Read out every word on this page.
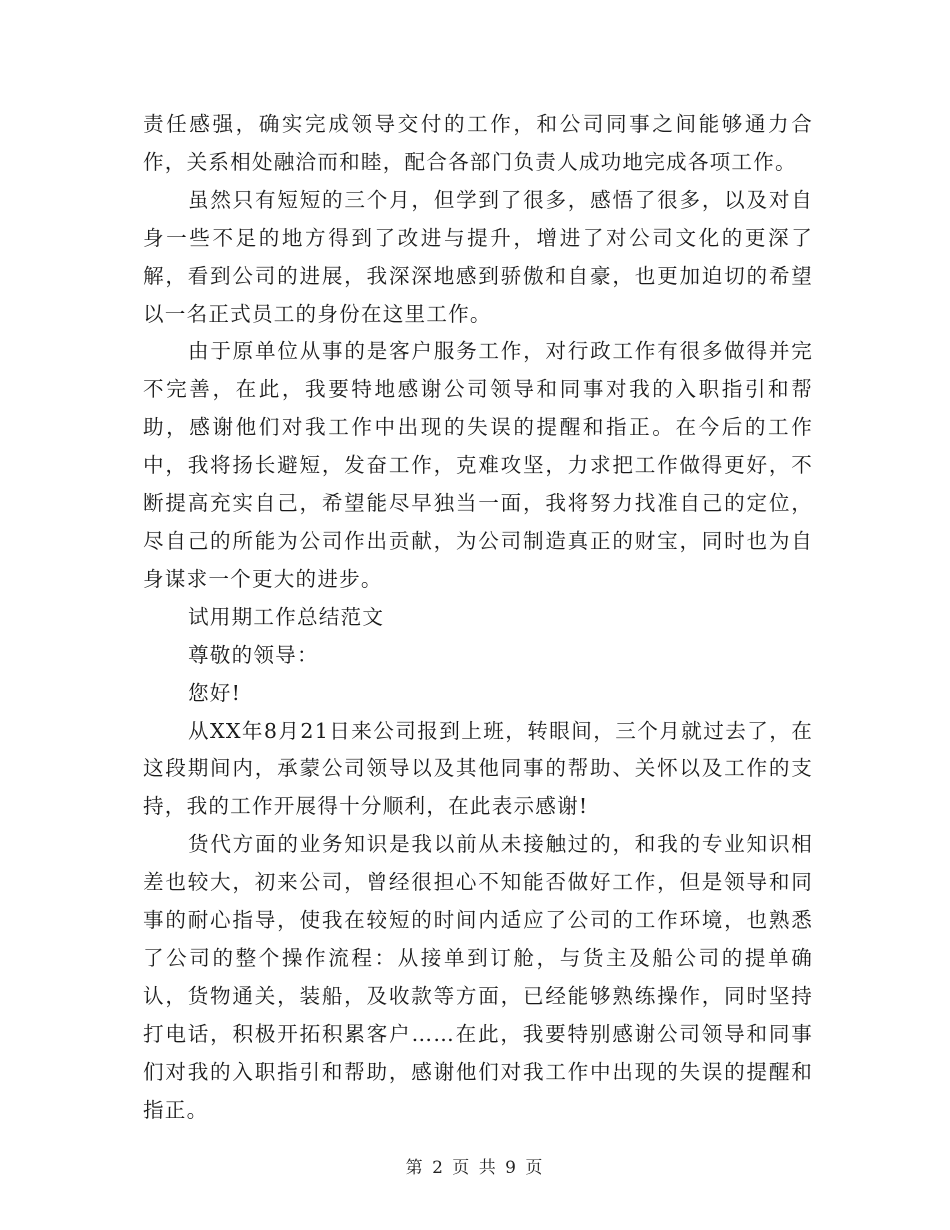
责任感强，确实完成领导交付的工作，和公司同事之间能够通力合作，关系相处融洽而和睦，配合各部门负责人成功地完成各项工作。

虽然只有短短的三个月，但学到了很多，感悟了很多，以及对自身一些不足的地方得到了改进与提升，增进了对公司文化的更深了解，看到公司的进展，我深深地感到骄傲和自豪，也更加迫切的希望以一名正式员工的身份在这里工作。

由于原单位从事的是客户服务工作，对行政工作有很多做得并完不完善，在此，我要特地感谢公司领导和同事对我的入职指引和帮助，感谢他们对我工作中出现的失误的提醒和指正。在今后的工作中，我将扬长避短，发奋工作，克难攻坚，力求把工作做得更好，不断提高充实自己，希望能尽早独当一面，我将努力找准自己的定位，尽自己的所能为公司作出贡献，为公司制造真正的财宝，同时也为自身谋求一个更大的进步。

试用期工作总结范文

尊敬的领导：

您好!

从XX年8月21日来公司报到上班，转眼间，三个月就过去了，在这段期间内，承蒙公司领导以及其他同事的帮助、关怀以及工作的支持，我的工作开展得十分顺利，在此表示感谢!

货代方面的业务知识是我以前从未接触过的，和我的专业知识相差也较大，初来公司，曾经很担心不知能否做好工作，但是领导和同事的耐心指导，使我在较短的时间内适应了公司的工作环境，也熟悉了公司的整个操作流程：从接单到订舱，与货主及船公司的提单确认，货物通关，装船，及收款等方面，已经能够熟练操作，同时坚持打电话，积极开拓积累客户……在此，我要特别感谢公司领导和同事们对我的入职指引和帮助，感谢他们对我工作中出现的失误的提醒和指正。

第 2 页 共 9 页
